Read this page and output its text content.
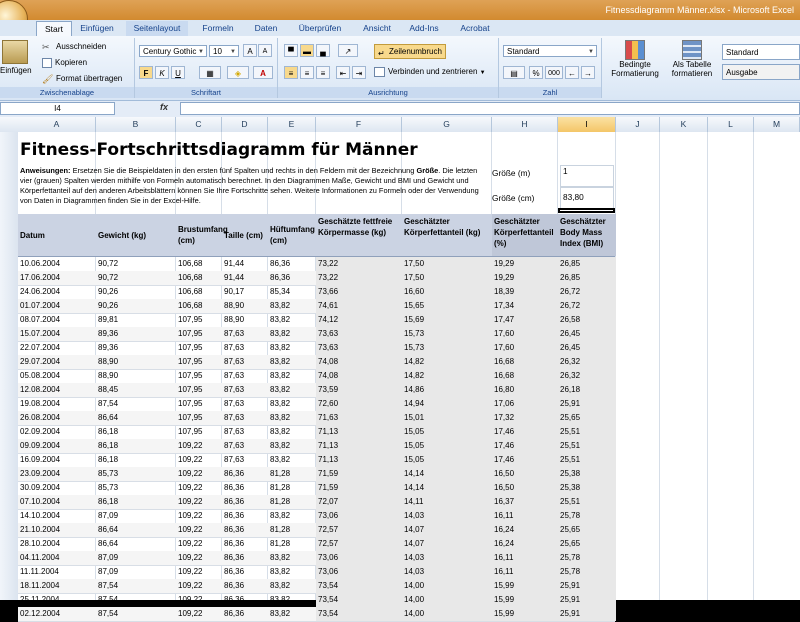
Fitnessdiagramm Männer.xlsx - Microsoft Excel
Start	Einfügen	Seitenlayout	Formeln	Daten	Überprüfen	Ansicht	Add-Ins	Acrobat
Einfügen
✂ Ausschneiden
Kopieren
🖌 Format übertragen
Zwischenablage
Century Gothic ▼	10 ▼	A	A
F	K	U	▦	◈	A
Schriftart
▀	▬	▄	↗	↵ Zeilenumbruch
≡	≡	≡	⇤	⇥	Verbinden und zentrieren ▼
Ausrichtung
Standard	▼
▤	%	000	←	→
Zahl
Bedingte
Formatierung
Als Tabelle
formatieren
Standard
Ausgabe
I4	fx
A	B	C	D	E	F	G	H	I	J	K	L	M
Fitness-Fortschrittsdiagramm für Männer
Anweisungen: Ersetzen Sie die Beispieldaten in den ersten fünf Spalten und rechts in den Feldern mit der Bezeichnung Größe. Die letzten vier (grauen) Spalten werden mithilfe von Formeln automatisch berechnet. In den Diagrammen Maße, Gewicht und BMI und Gewicht und Körperfettanteil auf den anderen Arbeitsblättern können Sie Ihre Fortschritte sehen. Weitere Informationen zu Formeln oder der Verwendung von Daten in Diagrammen finden Sie in der Excel-Hilfe.
Größe (m)	1
Größe (cm)	83,80
Datum	Gewicht (kg)
Brustumfang (cm)
Taille (cm)
Hüftumfang (cm)
Geschätzte fettfreie Körpermasse (kg)
Geschätzter Körperfettanteil (kg)
Geschätzter Körperfettanteil (%)
Geschätzter Body Mass Index (BMI)
10.06.2004	90,72	106,68	91,44	86,36	73,22	17,50	19,29	26,85
17.06.2004	90,72	106,68	91,44	86,36	73,22	17,50	19,29	26,85
24.06.2004	90,26	106,68	90,17	85,34	73,66	16,60	18,39	26,72
01.07.2004	90,26	106,68	88,90	83,82	74,61	15,65	17,34	26,72
08.07.2004	89,81	107,95	88,90	83,82	74,12	15,69	17,47	26,58
15.07.2004	89,36	107,95	87,63	83,82	73,63	15,73	17,60	26,45
22.07.2004	89,36	107,95	87,63	83,82	73,63	15,73	17,60	26,45
29.07.2004	88,90	107,95	87,63	83,82	74,08	14,82	16,68	26,32
05.08.2004	88,90	107,95	87,63	83,82	74,08	14,82	16,68	26,32
12.08.2004	88,45	107,95	87,63	83,82	73,59	14,86	16,80	26,18
19.08.2004	87,54	107,95	87,63	83,82	72,60	14,94	17,06	25,91
26.08.2004	86,64	107,95	87,63	83,82	71,63	15,01	17,32	25,65
02.09.2004	86,18	107,95	87,63	83,82	71,13	15,05	17,46	25,51
09.09.2004	86,18	109,22	87,63	83,82	71,13	15,05	17,46	25,51
16.09.2004	86,18	109,22	87,63	83,82	71,13	15,05	17,46	25,51
23.09.2004	85,73	109,22	86,36	81,28	71,59	14,14	16,50	25,38
30.09.2004	85,73	109,22	86,36	81,28	71,59	14,14	16,50	25,38
07.10.2004	86,18	109,22	86,36	81,28	72,07	14,11	16,37	25,51
14.10.2004	87,09	109,22	86,36	83,82	73,06	14,03	16,11	25,78
21.10.2004	86,64	109,22	86,36	81,28	72,57	14,07	16,24	25,65
28.10.2004	86,64	109,22	86,36	81,28	72,57	14,07	16,24	25,65
04.11.2004	87,09	109,22	86,36	83,82	73,06	14,03	16,11	25,78
11.11.2004	87,09	109,22	86,36	83,82	73,06	14,03	16,11	25,78
18.11.2004	87,54	109,22	86,36	83,82	73,54	14,00	15,99	25,91
25.11.2004	87,54	109,22	86,36	83,82	73,54	14,00	15,99	25,91
02.12.2004	87,54	109,22	86,36	83,82	73,54	14,00	15,99	25,91
